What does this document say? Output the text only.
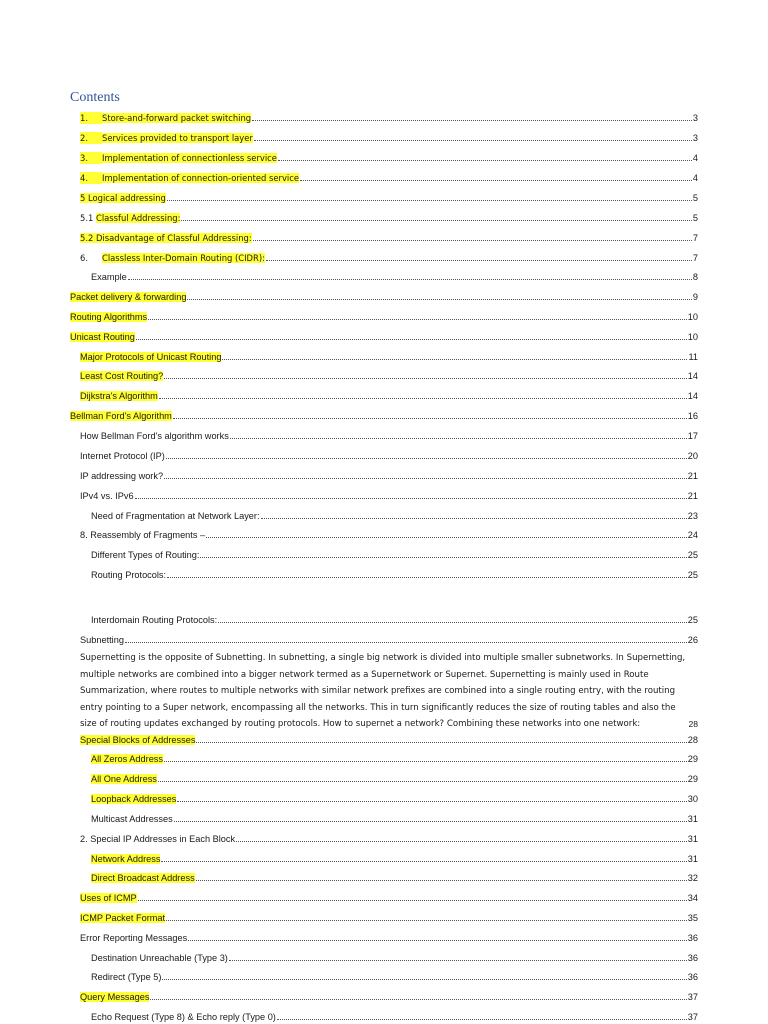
Contents
1. Store-and-forward packet switching	3
2. Services provided to transport layer	3
3. Implementation of connectionless service	4
4. Implementation of connection-oriented service	4
5 Logical addressing	5
5.1 Classful Addressing:	5
5.2 Disadvantage of Classful Addressing:	7
6. Classless Inter-Domain Routing (CIDR):	7
Example	8
Packet delivery & forwarding	9
Routing Algorithms	10
Unicast Routing	10
Major Protocols of Unicast Routing	11
Least Cost Routing?	14
Dijkstra's Algorithm	14
Bellman Ford's Algorithm	16
How Bellman Ford's algorithm works	17
Internet Protocol (IP)	20
IP addressing work?	21
IPv4 vs. IPv6	21
Need of Fragmentation at Network Layer:	23
8. Reassembly of Fragments –	24
Different Types of Routing:	25
Routing Protocols:	25
Interdomain Routing Protocols:	25
Subnetting	26
Special Blocks of Addresses	28
All Zeros Address	29
All One Address	29
Loopback Addresses	30
Multicast Addresses	31
2. Special IP Addresses in Each Block	31
Network Address	31
Direct Broadcast Address	32
Uses of ICMP	34
ICMP Packet Format	35
Error Reporting Messages	36
Destination Unreachable (Type 3)	36
Redirect (Type 5)	36
Query Messages	37
Echo Request (Type 8) & Echo reply (Type 0)	37
Supernetting is the opposite of Subnetting. In subnetting, a single big network is divided into multiple smaller subnetworks. In Supernetting, multiple networks are combined into a bigger network termed as a Supernetwork or Supernet. Supernetting is mainly used in Route Summarization, where routes to multiple networks with similar network prefixes are combined into a single routing entry, with the routing entry pointing to a Super network, encompassing all the networks. This in turn significantly reduces the size of routing tables and also the size of routing updates exchanged by routing protocols. How to supernet a network? Combining these networks into one network:	28
